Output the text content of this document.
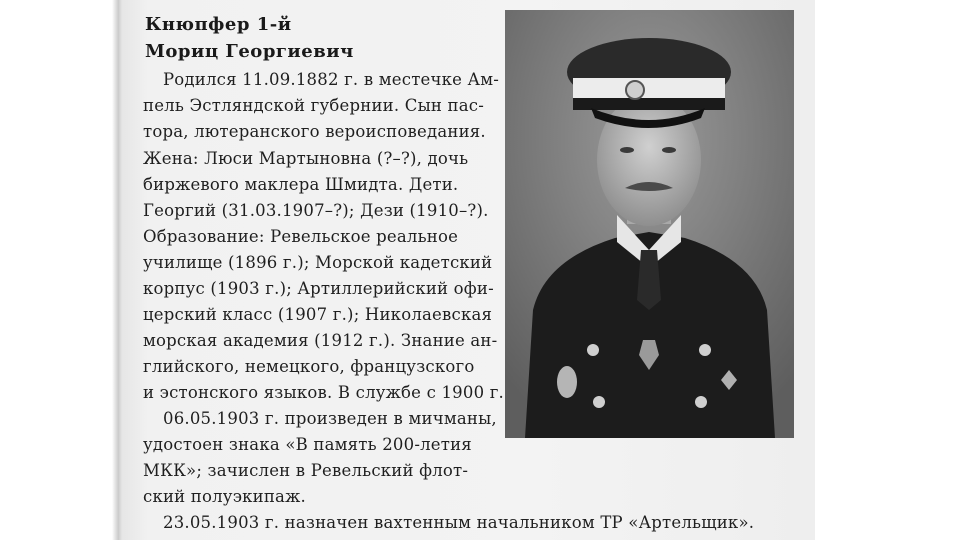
Кнюпфер 1-й
Мориц Георгиевич
Родился 11.09.1882 г. в местечке Ам-
пель Эстляндской губернии. Сын пас-
тора, лютеранского вероисповедания.
Жена: Люси Мартыновна (?–?), дочь
биржевого маклера Шмидта. Дети.
Георгий (31.03.1907–?); Дези (1910–?).
Образование: Ревельское реальное
училище (1896 г.); Морской кадетский
корпус (1903 г.); Артиллерийский офи-
церский класс (1907 г.); Николаевская
морская академия (1912 г.). Знание ан-
глийского, немецкого, французского
и эстонского языков. В службе с 1900 г.
06.05.1903 г. произведен в мичманы,
удостоен знака «В память 200-летия
МКК»; зачислен в Ревельский флот-
ский полуэкипаж.
23.05.1903 г. назначен вахтенным начальником ТР «Артельщик».
